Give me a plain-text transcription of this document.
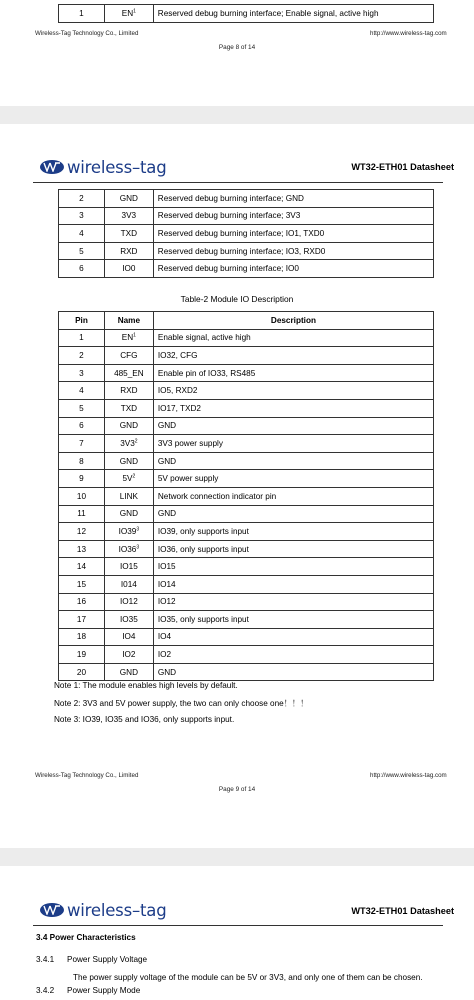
1	$EN^1$	Reserved debug burning interface; Enable signal, active high
Wireless-Tag Technology Co., Limited	http://www.wireless-tag.com
Page 8 of 14
wireless–tag	WT32-ETH01 Datasheet
2	GND	Reserved debug burning interface; GND
3	3V3	Reserved debug burning interface; 3V3
4	TXD	Reserved debug burning interface; IO1, TXD0
5	RXD	Reserved debug burning interface; IO3, RXD0
6	IO0	Reserved debug burning interface; IO0
Table-2 Module IO Description
Pin	Name	Description
1	$EN^1$	Enable signal, active high
2	CFG	IO32, CFG
3	485_EN	Enable pin of IO33, RS485
4	RXD	IO5, RXD2
5	TXD	IO17, TXD2
6	GND	GND
7	$3V3^2$	3V3 power supply
8	GND	GND
9	$5V^2$	5V power supply
10	LINK	Network connection indicator pin
11	GND	GND
12	$IO39^3$	IO39, only supports input
13	$IO36^3$	IO36, only supports input
14	IO15	IO15
15	I014	IO14
16	IO12	IO12
17	IO35	IO35, only supports input
18	IO4	IO4
19	IO2	IO2
20	GND	GND
Note 1: The module enables high levels by default.
Note 2: 3V3 and 5V power supply, the two can only choose one！！！
Note 3: IO39, IO35 and IO36, only supports input.
Wireless-Tag Technology Co., Limited	http://www.wireless-tag.com
Page 9 of 14
wireless–tag	WT32-ETH01 Datasheet
3.4 Power Characteristics
3.4.1 Power Supply Voltage
The power supply voltage of the module can be 5V or 3V3, and only one of them can be chosen.
3.4.2 Power Supply Mode
